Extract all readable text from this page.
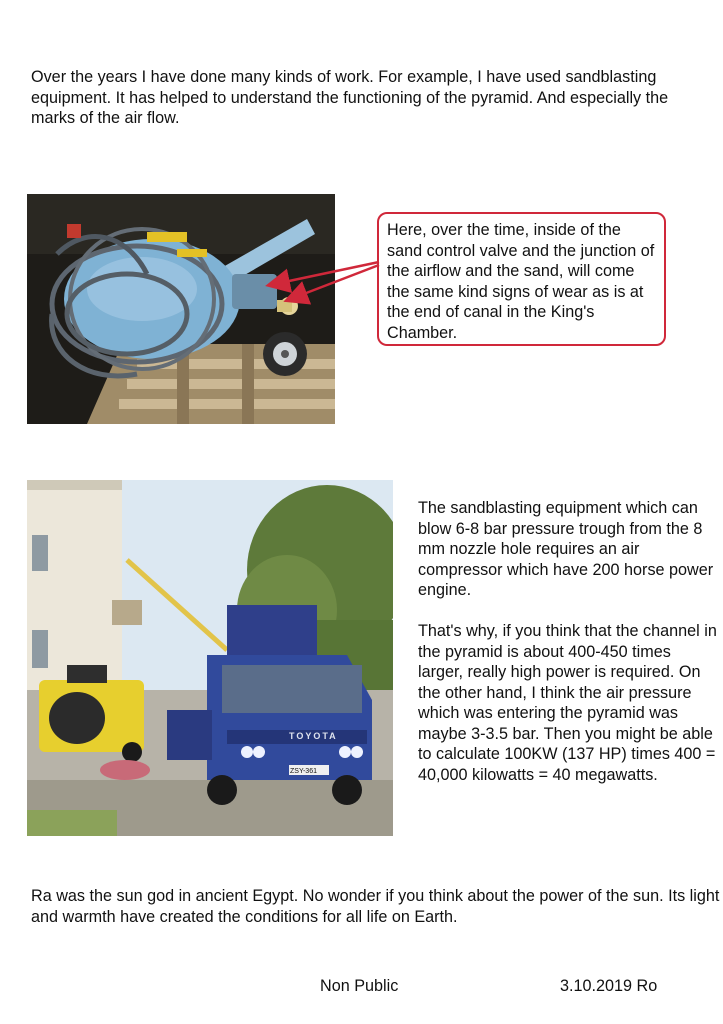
Over the years I have done many kinds of work. For example, I have used sandblasting equipment. It has helped to understand the functioning of the pyramid. And especially the marks of the air flow.

Here, over the time, inside of the sand control valve and the junction of the airflow and the sand, will come the same kind signs of wear as is at the end of canal in the King's Chamber.
TOYOTA
ZSY-361

The sandblasting equipment which can blow 6-8 bar pressure trough from the 8 mm nozzle hole requires an air compressor which have 200 horse power engine.

That's why, if you think that the channel in the pyramid is about 400-450 times larger, really high power is required. On the other hand, I think the air pressure which was entering the pyramid was maybe 3-3.5 bar. Then you might be able to calculate 100KW (137 HP) times 400 = 40,000 kilowatts = 40 megawatts.

Ra was the sun god in ancient Egypt. No wonder if you think about the power of the sun. Its light and warmth have created the conditions for all life on Earth.

Non Public	3.10.2019 Ro
